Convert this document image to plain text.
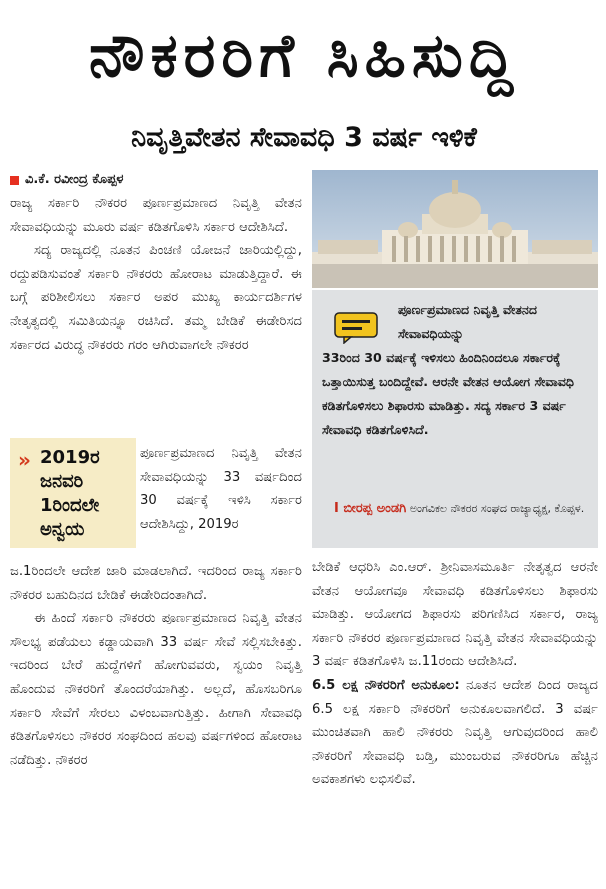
ನೌಕರರಿಗೆ ಸಿಹಿಸುದ್ದಿ
ನಿವೃತ್ತಿವೇತನ ಸೇವಾವಧಿ 3 ವರ್ಷ ಇಳಿಕೆ
ವಿ.ಕೆ. ರವೀಂದ್ರ ಕೊಪ್ಪಳ

ರಾಜ್ಯ ಸರ್ಕಾರಿ ನೌಕರರ ಪೂರ್ಣಪ್ರಮಾಣದ ನಿವೃತ್ತಿ ವೇತನ ಸೇವಾವಧಿಯನ್ನು ಮೂರು ವರ್ಷ ಕಡಿತಗೊಳಿಸಿ ಸರ್ಕಾರ ಆದೇಶಿಸಿದೆ.

ಸದ್ಯ ರಾಜ್ಯದಲ್ಲಿ ನೂತನ ಪಿಂಚಣಿ ಯೋಜನೆ ಜಾರಿಯಲ್ಲಿದ್ದು, ರದ್ದುಪಡಿಸುವಂತೆ ಸರ್ಕಾರಿ ನೌಕರರು ಹೋರಾಟ ಮಾಡುತ್ತಿದ್ದಾರೆ. ಈ ಬಗ್ಗೆ ಪರಿಶೀಲಿಸಲು ಸರ್ಕಾರ ಅಪರ ಮುಖ್ಯ ಕಾರ್ಯದರ್ಶಿಗಳ ನೇತೃತ್ವದಲ್ಲಿ ಸಮಿತಿಯನ್ನೂ ರಚಿಸಿದೆ. ತಮ್ಮ ಬೇಡಿಕೆ ಈಡೇರಿಸದ ಸರ್ಕಾರದ ವಿರುದ್ಧ ನೌಕರರು ಗರಂ ಆಗಿರುವಾಗಲೇ ನೌಕರರ

» 2019ರ ಜನವರಿ 1ರಿಂದಲೇ ಅನ್ವಯ

ಪೂರ್ಣಪ್ರಮಾಣದ ನಿವೃತ್ತಿ ವೇತನ ಸೇವಾವಧಿಯನ್ನು 33 ವರ್ಷದಿಂದ 30 ವರ್ಷಕ್ಕೆ ಇಳಿಸಿ ಸರ್ಕಾರ ಆದೇಶಿಸಿದ್ದು, 2019ರ

ಜ.1ರಿಂದಲೇ ಆದೇಶ ಜಾರಿ ಮಾಡಲಾಗಿದೆ. ಇದರಿಂದ ರಾಜ್ಯ ಸರ್ಕಾರಿ ನೌಕರರ ಬಹುದಿನದ ಬೇಡಿಕೆ ಈಡೇರಿದಂತಾಗಿದೆ.

ಈ ಹಿಂದೆ ಸರ್ಕಾರಿ ನೌಕರರು ಪೂರ್ಣಪ್ರಮಾಣದ ನಿವೃತ್ತಿ ವೇತನ ಸೌಲಭ್ಯ ಪಡೆಯಲು ಕಡ್ಡಾಯವಾಗಿ 33 ವರ್ಷ ಸೇವೆ ಸಲ್ಲಿಸಬೇಕಿತ್ತು. ಇದರಿಂದ ಬೇರೆ ಹುದ್ದೆಗಳಿಗೆ ಹೋಗುವವರು, ಸ್ವಯಂ ನಿವೃತ್ತಿ ಹೊಂದುವ ನೌಕರರಿಗೆ ತೊಂದರೆಯಾಗಿತ್ತು. ಅಲ್ಲದೆ, ಹೊಸಬರಿಗೂ ಸರ್ಕಾರಿ ಸೇವೆಗೆ ಸೇರಲು ವಿಳಂಬವಾಗುತ್ತಿತ್ತು. ಹೀಗಾಗಿ ಸೇವಾವಧಿ ಕಡಿತಗೊಳಿಸಲು ನೌಕರರ ಸಂಘದಿಂದ ಹಲವು ವರ್ಷಗಳಿಂದ ಹೋರಾಟ ನಡೆದಿತ್ತು. ನೌಕರರ

ಪೂರ್ಣಪ್ರಮಾಣದ ನಿವೃತ್ತಿ ವೇತನದ ಸೇವಾವಧಿಯನ್ನು
33ರಿಂದ 30 ವರ್ಷಕ್ಕೆ ಇಳಿಸಲು ಹಿಂದಿನಿಂದಲೂ ಸರ್ಕಾರಕ್ಕೆ ಒತ್ತಾಯಿಸುತ್ತ ಬಂದಿದ್ದೇವೆ. ಆರನೇ ವೇತನ ಆಯೋಗ ಸೇವಾವಧಿ ಕಡಿತಗೊಳಿಸಲು ಶಿಫಾರಸು ಮಾಡಿತ್ತು. ಸದ್ಯ ಸರ್ಕಾರ 3 ವರ್ಷ ಸೇವಾವಧಿ ಕಡಿತಗೊಳಿಸಿದೆ.
I ಬೀರಪ್ಪ ಅಂಡಗಿ ಅಂಗವಿಕಲ ನೌಕರರ ಸಂಘದ ರಾಜ್ಯಾಧ್ಯಕ್ಷ, ಕೊಪ್ಪಳ.

ಬೇಡಿಕೆ ಆಧರಿಸಿ ಎಂ.ಆರ್. ಶ್ರೀನಿವಾಸಮೂರ್ತಿ ನೇತೃತ್ವದ ಆರನೇ ವೇತನ ಆಯೋಗವೂ ಸೇವಾವಧಿ ಕಡಿತಗೊಳಿಸಲು ಶಿಫಾರಸು ಮಾಡಿತ್ತು. ಆಯೋಗದ ಶಿಫಾರಸು ಪರಿಗಣಿಸಿದ ಸರ್ಕಾರ, ರಾಜ್ಯ ಸರ್ಕಾರಿ ನೌಕರರ ಪೂರ್ಣಪ್ರಮಾಣದ ನಿವೃತ್ತಿ ವೇತನ ಸೇವಾವಧಿಯನ್ನು 3 ವರ್ಷ ಕಡಿತಗೊಳಿಸಿ ಜ.11ರಂದು ಆದೇಶಿಸಿದೆ.

6.5 ಲಕ್ಷ ನೌಕರರಿಗೆ ಅನುಕೂಲ: ನೂತನ ಆದೇಶ ದಿಂದ ರಾಜ್ಯದ 6.5 ಲಕ್ಷ ಸರ್ಕಾರಿ ನೌಕರರಿಗೆ ಅನುಕೂಲವಾಗಲಿದೆ. 3 ವರ್ಷ ಮುಂಚಿತವಾಗಿ ಹಾಲಿ ನೌಕರರು ನಿವೃತ್ತಿ ಆಗುವುದರಿಂದ ಹಾಲಿ ನೌಕರರಿಗೆ ಸೇವಾವಧಿ ಬಡ್ತಿ, ಮುಂಬರುವ ನೌಕರರಿಗೂ ಹೆಚ್ಚಿನ ಅವಕಾಶಗಳು ಲಭಿಸಲಿವೆ.
